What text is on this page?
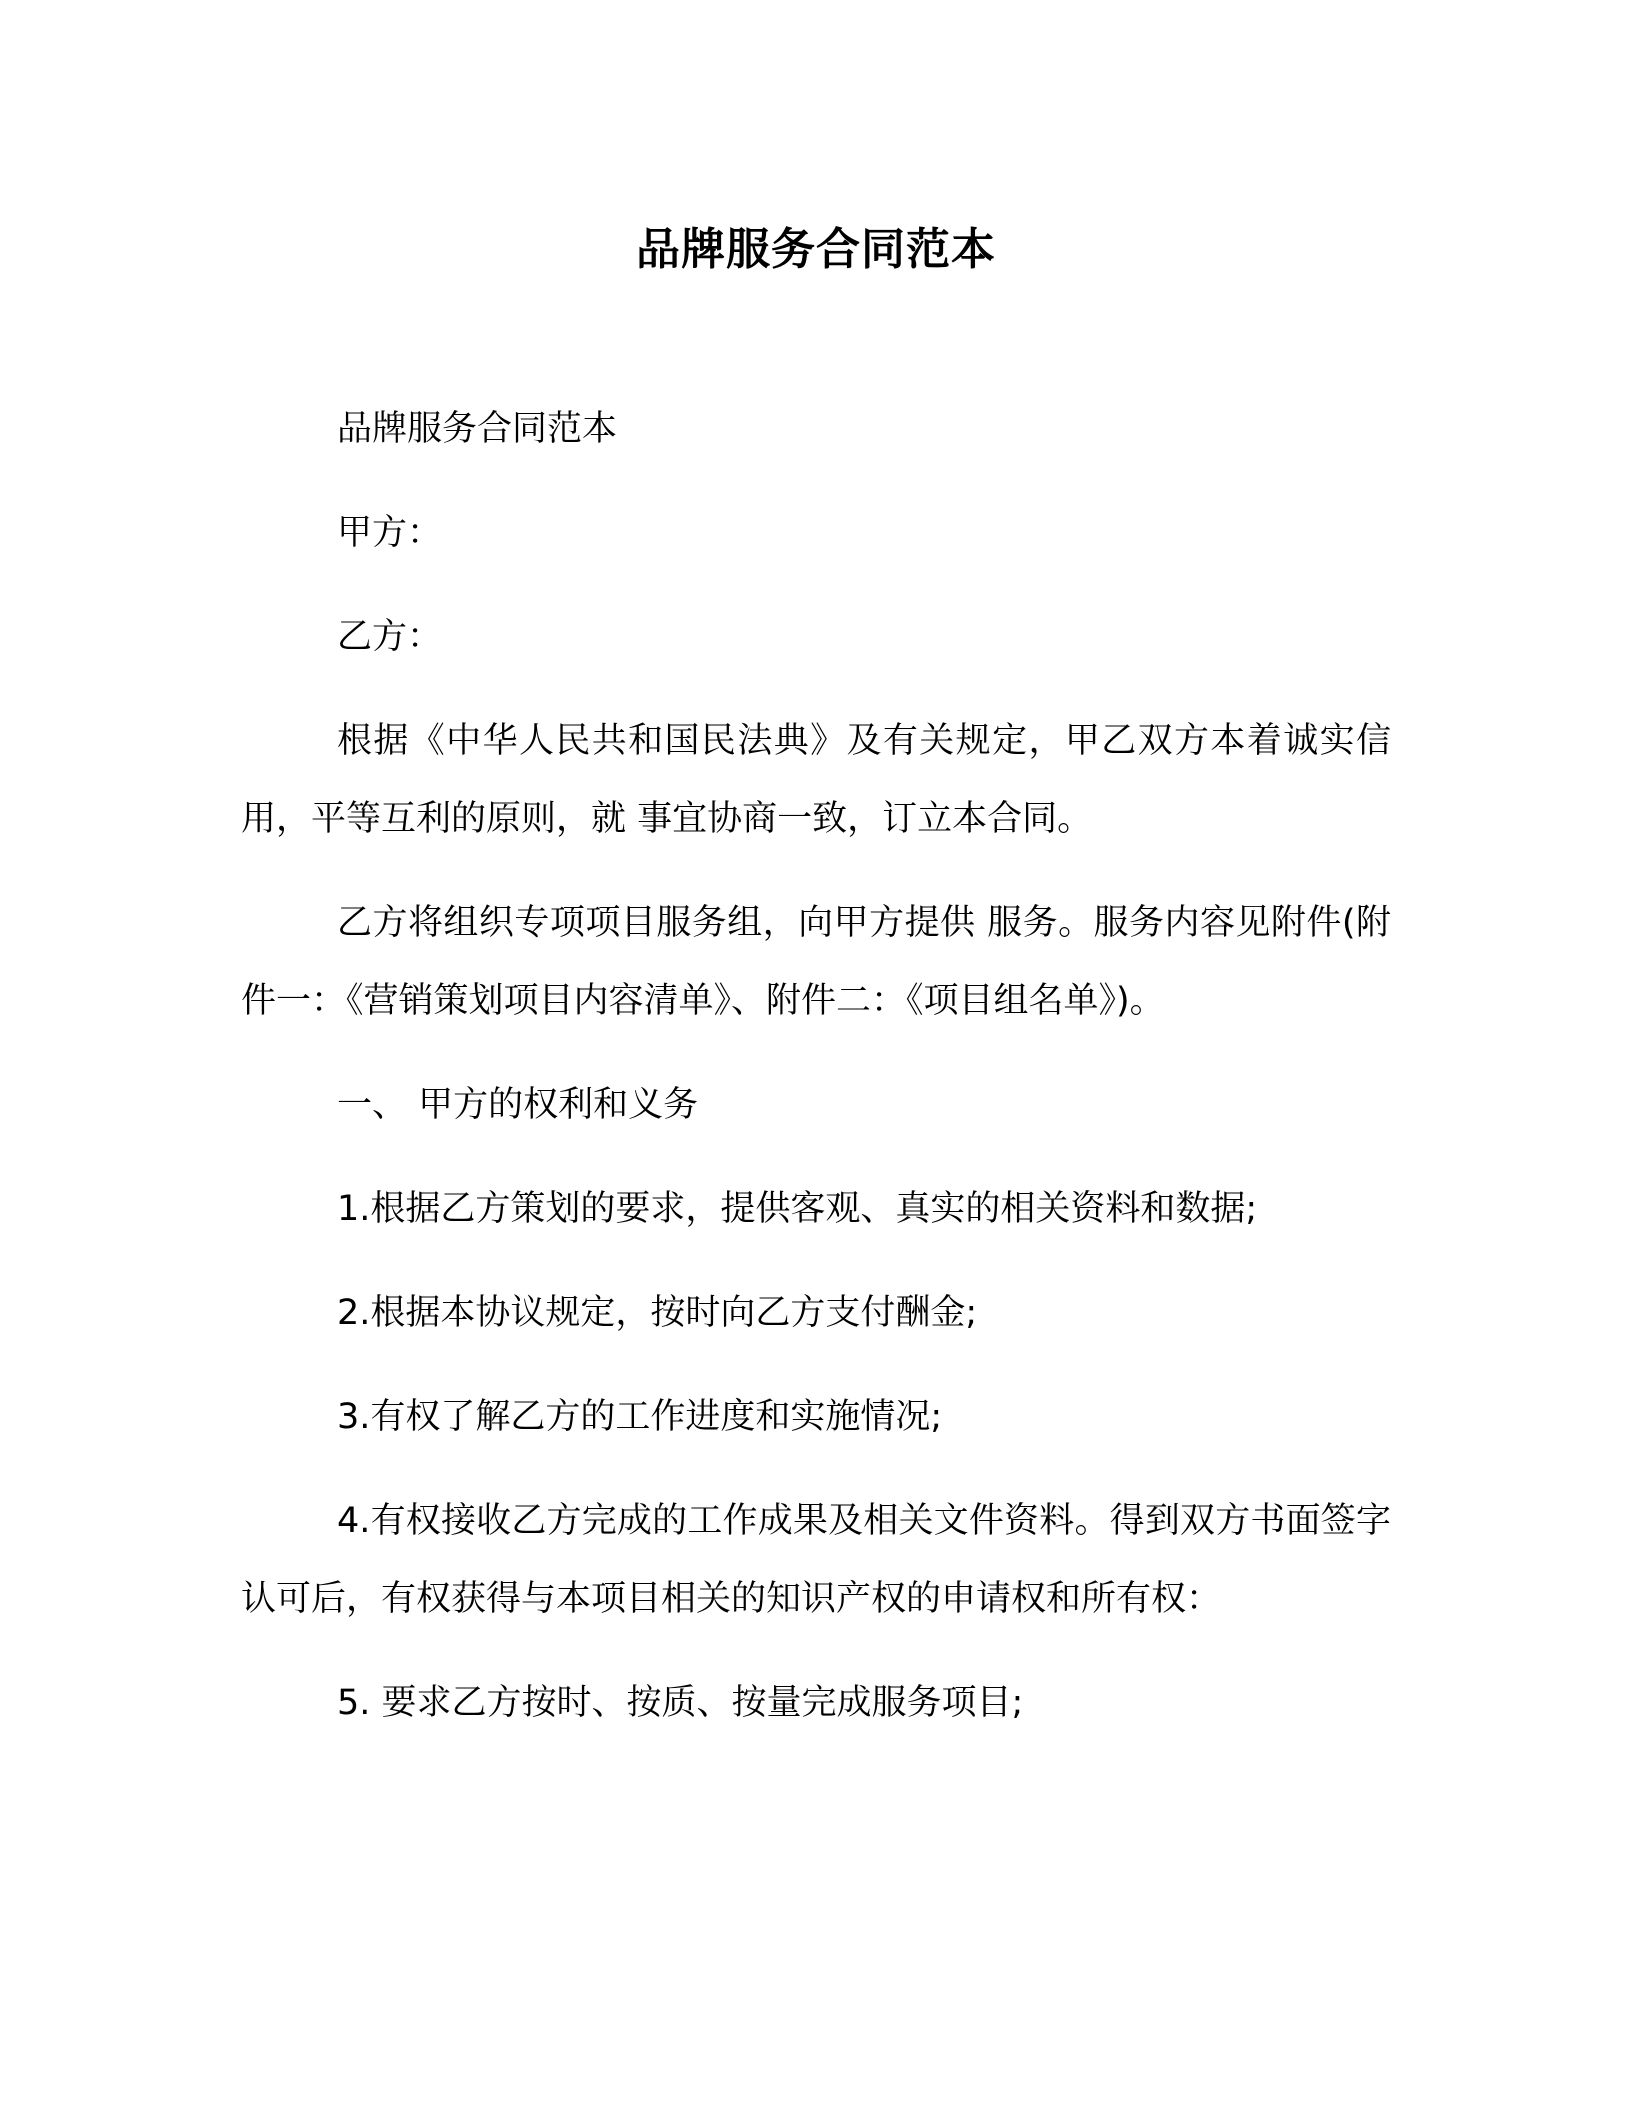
品牌服务合同范本

品牌服务合同范本

甲方：

乙方：

根据《中华人民共和国民法典》及有关规定，甲乙双方本着诚实信用，平等互利的原则，就 事宜协商一致，订立本合同。

乙方将组织专项项目服务组，向甲方提供 服务。服务内容见附件(附件一：《营销策划项目内容清单》、附件二：《项目组名单》)。

一、 甲方的权利和义务

1.根据乙方策划的要求，提供客观、真实的相关资料和数据;

2.根据本协议规定，按时向乙方支付酬金;

3.有权了解乙方的工作进度和实施情况;

4.有权接收乙方完成的工作成果及相关文件资料。得到双方书面签字认可后，有权获得与本项目相关的知识产权的申请权和所有权：

5. 要求乙方按时、按质、按量完成服务项目;
